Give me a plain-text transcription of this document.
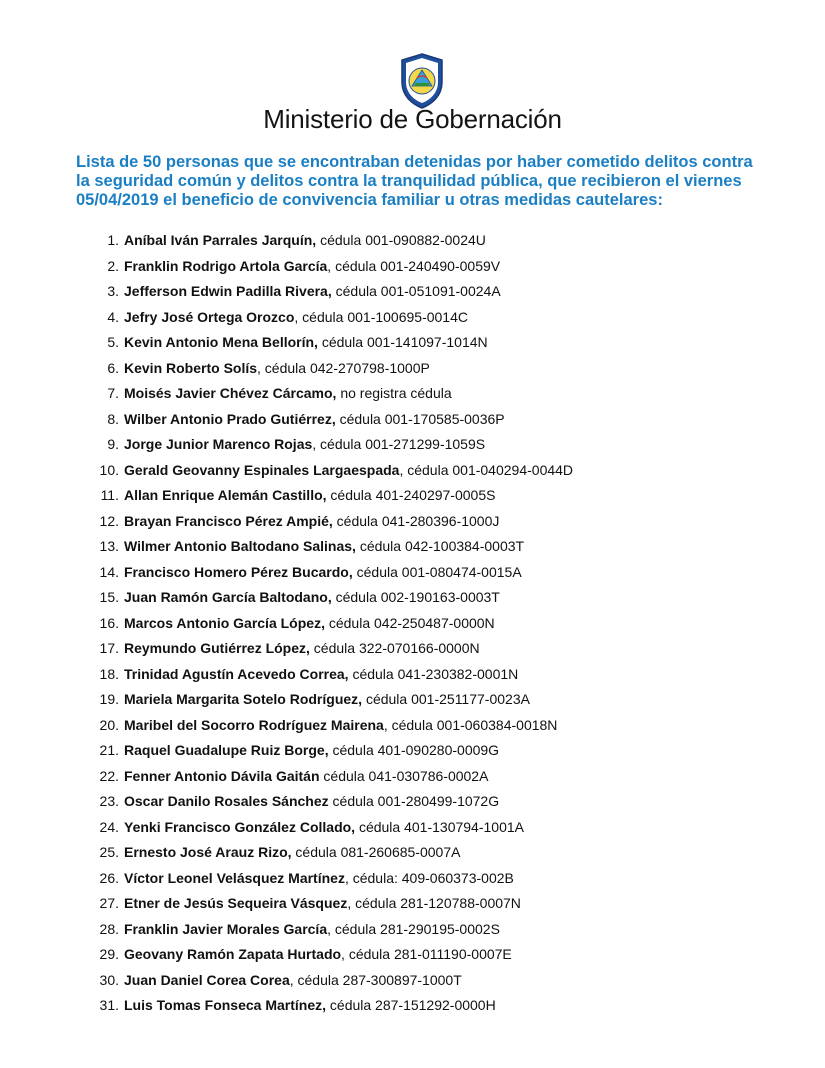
Ministerio de Gobernación

Lista de 50 personas que se encontraban detenidas por haber cometido delitos contra la seguridad común y delitos contra la tranquilidad pública, que recibieron el viernes 05/04/2019 el beneficio de convivencia familiar u otras medidas cautelares:

1. Aníbal Iván Parrales Jarquín, cédula 001-090882-0024U
2. Franklin Rodrigo Artola García, cédula 001-240490-0059V
3. Jefferson Edwin Padilla Rivera, cédula 001-051091-0024A
4. Jefry José Ortega Orozco, cédula 001-100695-0014C
5. Kevin Antonio Mena Bellorín, cédula 001-141097-1014N
6. Kevin Roberto Solís, cédula 042-270798-1000P
7. Moisés Javier Chévez Cárcamo, no registra cédula
8. Wilber Antonio Prado Gutiérrez, cédula 001-170585-0036P
9. Jorge Junior Marenco Rojas, cédula 001-271299-1059S
10. Gerald Geovanny Espinales Largaespada, cédula 001-040294-0044D
11. Allan Enrique Alemán Castillo, cédula 401-240297-0005S
12. Brayan Francisco Pérez Ampié, cédula 041-280396-1000J
13. Wilmer Antonio Baltodano Salinas, cédula 042-100384-0003T
14. Francisco Homero Pérez Bucardo, cédula 001-080474-0015A
15. Juan Ramón García Baltodano, cédula 002-190163-0003T
16. Marcos Antonio García López, cédula 042-250487-0000N
17. Reymundo Gutiérrez López, cédula 322-070166-0000N
18. Trinidad Agustín Acevedo Correa, cédula 041-230382-0001N
19. Mariela Margarita Sotelo Rodríguez, cédula 001-251177-0023A
20. Maribel del Socorro Rodríguez Mairena, cédula 001-060384-0018N
21. Raquel Guadalupe Ruiz Borge, cédula 401-090280-0009G
22. Fenner Antonio Dávila Gaitán cédula 041-030786-0002A
23. Oscar Danilo Rosales Sánchez cédula 001-280499-1072G
24. Yenki Francisco González Collado, cédula 401-130794-1001A
25. Ernesto José Arauz Rizo, cédula 081-260685-0007A
26. Víctor Leonel Velásquez Martínez, cédula: 409-060373-002B
27. Etner de Jesús Sequeira Vásquez, cédula 281-120788-0007N
28. Franklin Javier Morales García, cédula 281-290195-0002S
29. Geovany Ramón Zapata Hurtado, cédula 281-011190-0007E
30. Juan Daniel Corea Corea, cédula 287-300897-1000T
31. Luis Tomas Fonseca Martínez, cédula 287-151292-0000H
